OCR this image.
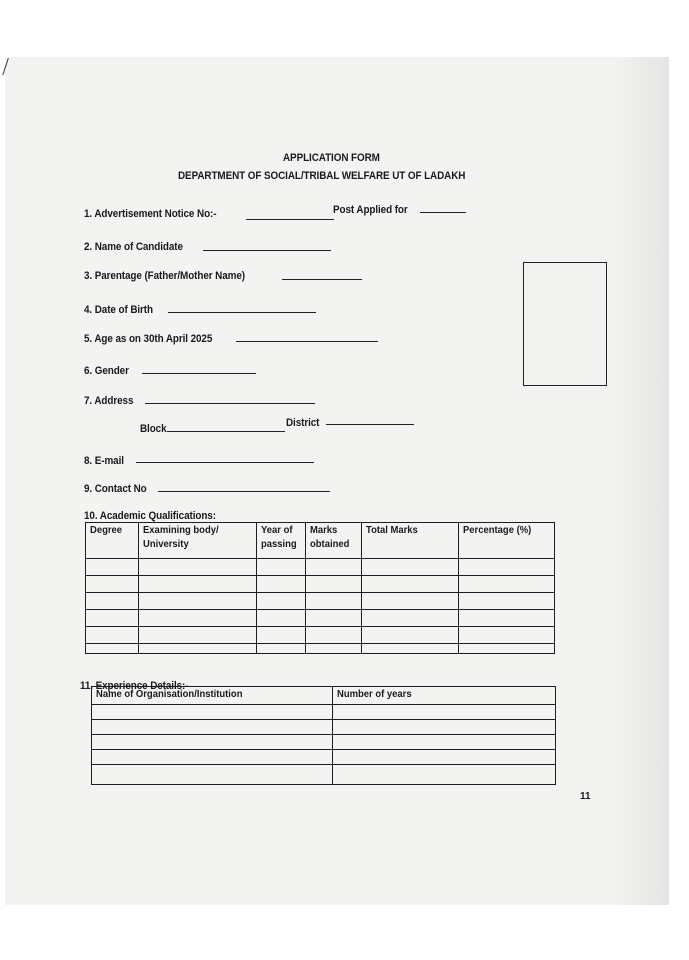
APPLICATION FORM
DEPARTMENT OF SOCIAL/TRIBAL WELFARE UT OF LADAKH
1. Advertisement Notice No:-	Post Applied for
2. Name of Candidate
3. Parentage (Father/Mother Name)
4. Date of Birth
5. Age as on 30th April 2025
6. Gender
7. Address
Block	District
8. E-mail
9. Contact No
10. Academic Qualifications:
Degree	Examining body/ University	Year of passing	Marks obtained	Total Marks	Percentage (%)

11. Experience Details:-
Name of Organisation/Institution	Number of years

11
